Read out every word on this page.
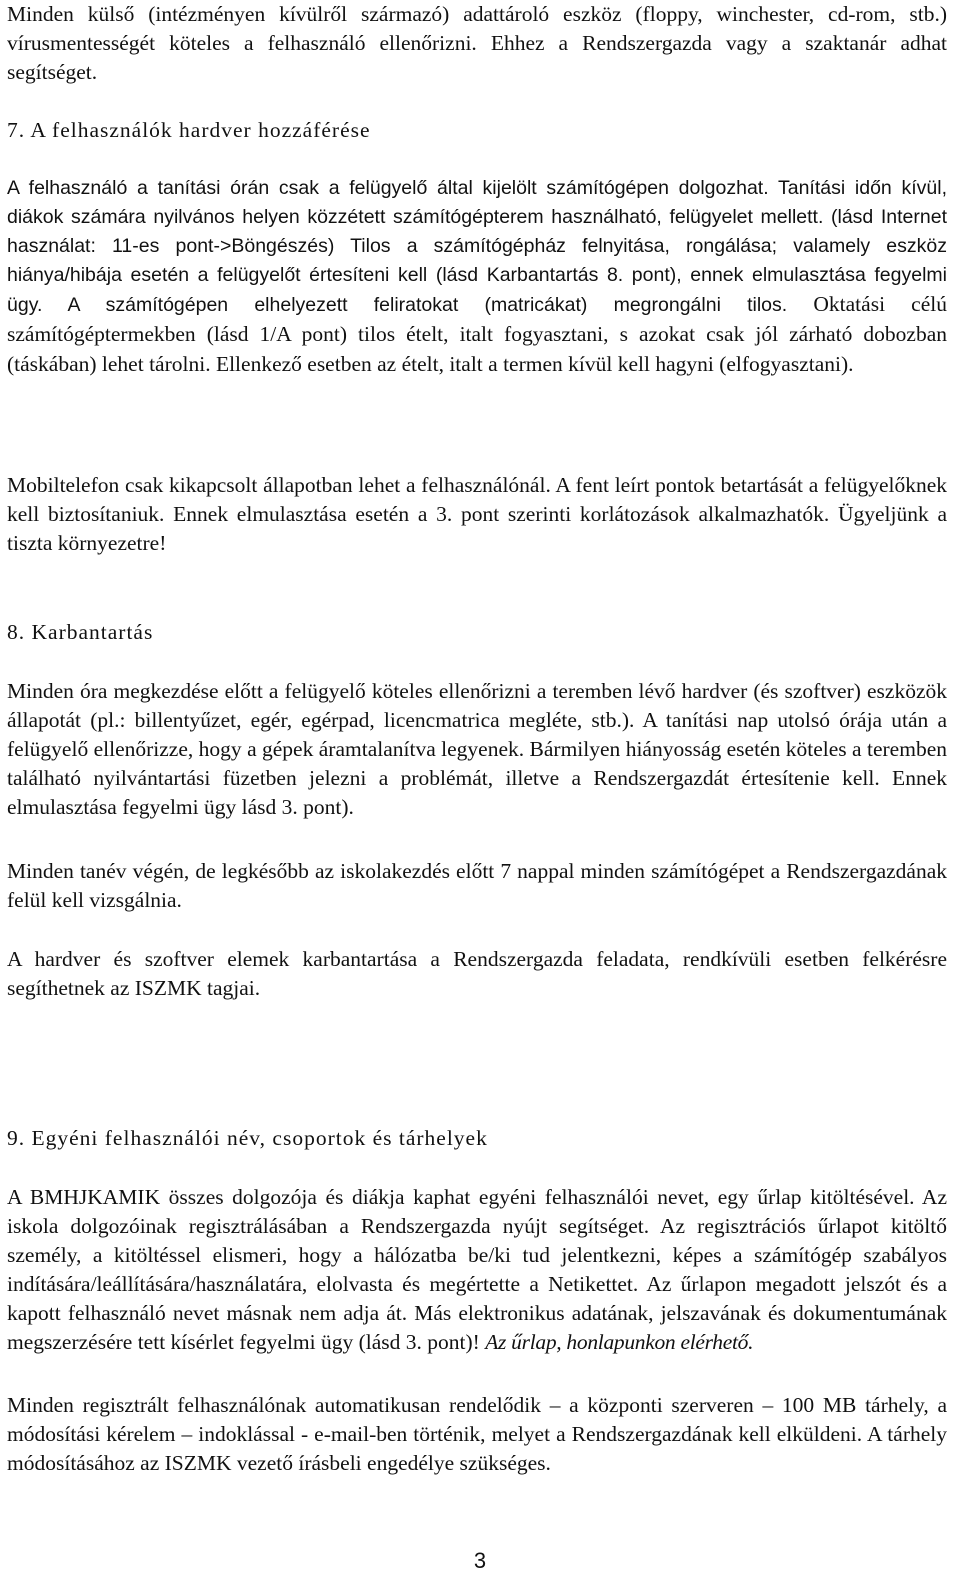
Minden külső (intézményen kívülről származó) adattároló eszköz (floppy, winchester, cd-rom, stb.) vírusmentességét köteles a felhasználó ellenőrizni. Ehhez a Rendszergazda vagy a szaktanár adhat segítséget.

7. A felhasználók hardver hozzáférése

A felhasználó a tanítási órán csak a felügyelő által kijelölt számítógépen dolgozhat. Tanítási időn kívül, diákok számára nyilvános helyen közzétett számítógépterem használható, felügyelet mellett. (lásd Internet használat: 11-es pont->Böngészés) Tilos a számítógépház felnyitása, rongálása; valamely eszköz hiánya/hibája esetén a felügyelőt értesíteni kell (lásd Karbantartás 8. pont), ennek elmulasztása fegyelmi ügy. A számítógépen elhelyezett feliratokat (matricákat) megrongálni tilos. Oktatási célú számítógéptermekben (lásd 1/A pont) tilos ételt, italt fogyasztani, s azokat csak jól zárható dobozban (táskában) lehet tárolni. Ellenkező esetben az ételt, italt a termen kívül kell hagyni (elfogyasztani).

Mobiltelefon csak kikapcsolt állapotban lehet a felhasználónál. A fent leírt pontok betartását a felügyelőknek kell biztosítaniuk. Ennek elmulasztása esetén a 3. pont szerinti korlátozások alkalmazhatók. Ügyeljünk a tiszta környezetre!

8. Karbantartás

Minden óra megkezdése előtt a felügyelő köteles ellenőrizni a teremben lévő hardver (és szoftver) eszközök állapotát (pl.: billentyűzet, egér, egérpad, licencmatrica megléte, stb.). A tanítási nap utolsó órája után a felügyelő ellenőrizze, hogy a gépek áramtalanítva legyenek. Bármilyen hiányosság esetén köteles a teremben található nyilvántartási füzetben jelezni a problémát, illetve a Rendszergazdát értesítenie kell. Ennek elmulasztása fegyelmi ügy lásd 3. pont).

Minden tanév végén, de legkésőbb az iskolakezdés előtt 7 nappal minden számítógépet a Rendszergazdának felül kell vizsgálnia.

A hardver és szoftver elemek karbantartása a Rendszergazda feladata, rendkívüli esetben felkérésre segíthetnek az ISZMK tagjai.

9. Egyéni felhasználói név, csoportok és tárhelyek

A BMHJKAMIK összes dolgozója és diákja kaphat egyéni felhasználói nevet, egy űrlap kitöltésével. Az iskola dolgozóinak regisztrálásában a Rendszergazda nyújt segítséget. Az regisztrációs űrlapot kitöltő személy, a kitöltéssel elismeri, hogy a hálózatba be/ki tud jelentkezni, képes a számítógép szabályos indítására/leállítására/használatára, elolvasta és megértette a Netikettet. Az űrlapon megadott jelszót és a kapott felhasználó nevet másnak nem adja át. Más elektronikus adatának, jelszavának és dokumentumának megszerzésére tett kísérlet fegyelmi ügy (lásd 3. pont)! Az űrlap, honlapunkon elérhető.

Minden regisztrált felhasználónak automatikusan rendelődik – a központi szerveren – 100 MB tárhely, a módosítási kérelem – indoklással - e-mail-ben történik, melyet a Rendszergazdának kell elküldeni. A tárhely módosításához az ISZMK vezető írásbeli engedélye szükséges.

3
